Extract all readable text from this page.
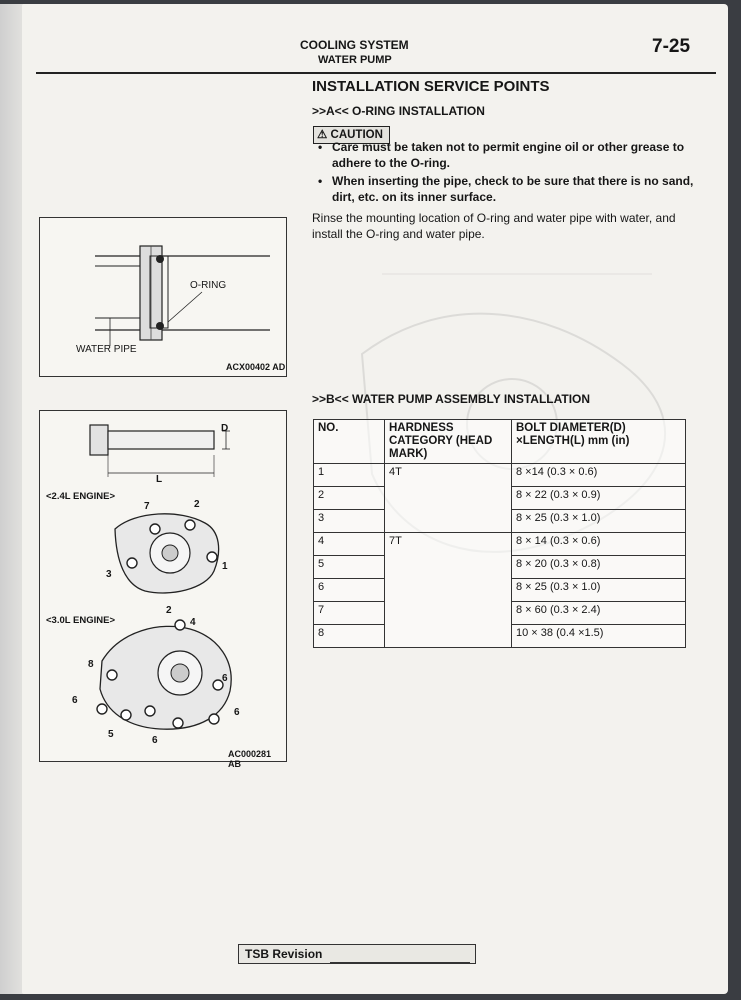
COOLING SYSTEM
WATER PUMP
7-25
INSTALLATION SERVICE POINTS
>>A<< O-RING INSTALLATION
⚠ CAUTION
• Care must be taken not to permit engine oil or other grease to adhere to the O-ring.
• When inserting the pipe, check to be sure that there is no sand, dirt, etc. on its inner surface.
Rinse the mounting location of O-ring and water pipe with water, and install the O-ring and water pipe.
O-RING
WATER PIPE
ACX00402 AD
D
L
<2.4L ENGINE>
7	2
3
1
2
<3.0L ENGINE>	4
8
6
6
6
5
6
AC000281 AB
>>B<< WATER PUMP ASSEMBLY INSTALLATION
NO.	HARDNESS CATEGORY (HEAD MARK)	BOLT DIAMETER(D) ×LENGTH(L) mm (in)
1	4T	8 ×14 (0.3 × 0.6)
2		8 × 22 (0.3 × 0.9)
3		8 × 25 (0.3 × 1.0)
4	7T	8 × 14 (0.3 × 0.6)
5		8 × 20 (0.3 × 0.8)
6		8 × 25 (0.3 × 1.0)
7		8 × 60 (0.3 × 2.4)
8		10 × 38 (0.4 ×1.5)
TSB Revision
